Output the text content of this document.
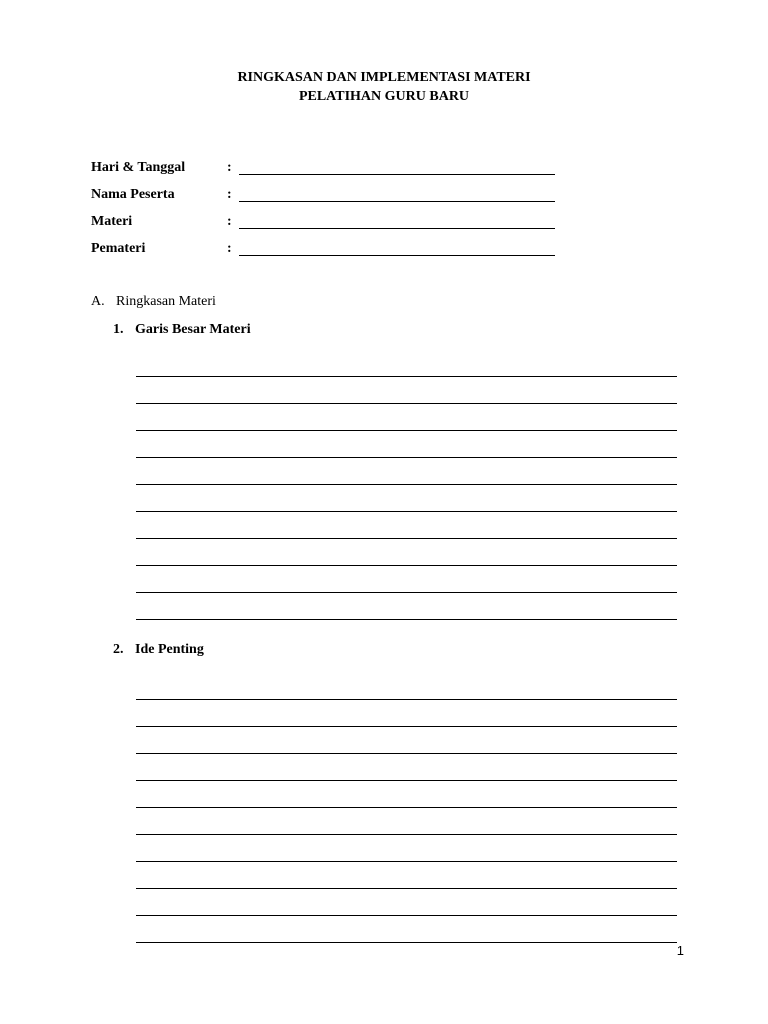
RINGKASAN DAN IMPLEMENTASI MATERI
PELATIHAN GURU BARU
Hari & Tanggal	:
Nama Peserta	:
Materi	:
Pemateri	:
A. Ringkasan Materi
1. Garis Besar Materi
2. Ide Penting
1
